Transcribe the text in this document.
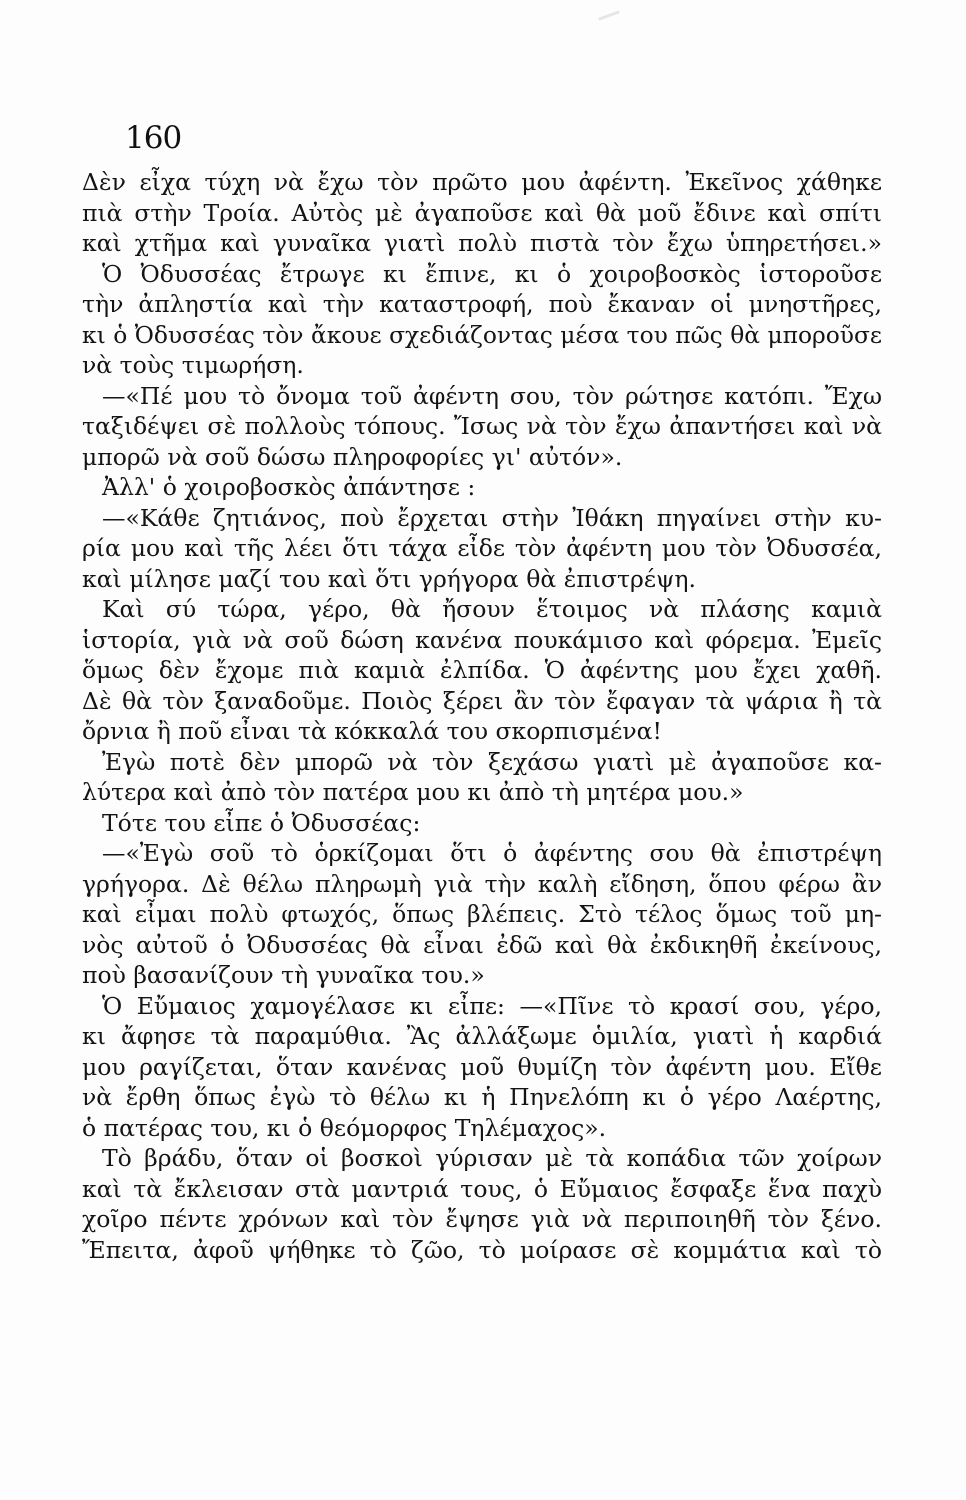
160
Δὲν εἶχα τύχη νὰ ἔχω τὸν πρῶτο μου ἀφέντη. Ἐκεῖνος χάθηκε
πιὰ στὴν Τροία. Αὐτὸς μὲ ἀγαποῦσε καὶ θὰ μοῦ ἔδινε καὶ σπίτι
καὶ χτῆμα καὶ γυναῖκα γιατὶ πολὺ πιστὰ τὸν ἔχω ὑπηρετήσει.»
Ὁ Ὀδυσσέας ἔτρωγε κι ἔπινε, κι ὁ χοιροβοσκὸς ἱστοροῦσε
τὴν ἀπληστία καὶ τὴν καταστροφή, ποὺ ἔκαναν οἱ μνηστῆρες,
κι ὁ Ὀδυσσέας τὸν ἄκουε σχεδιάζοντας μέσα του πῶς θὰ μποροῦσε
νὰ τοὺς τιμωρήση.
—«Πέ μου τὸ ὄνομα τοῦ ἀφέντη σου, τὸν ρώτησε κατόπι. Ἔχω
ταξιδέψει σὲ πολλοὺς τόπους. Ἴσως νὰ τὸν ἔχω ἀπαντήσει καὶ νὰ
μπορῶ νὰ σοῦ δώσω πληροφορίες γι' αὐτόν».
Ἀλλ' ὁ χοιροβοσκὸς ἀπάντησε :
—«Κάθε ζητιάνος, ποὺ ἔρχεται στὴν Ἰθάκη πηγαίνει στὴν κυ-
ρία μου καὶ τῆς λέει ὅτι τάχα εἶδε τὸν ἀφέντη μου τὸν Ὀδυσσέα,
καὶ μίλησε μαζί του καὶ ὅτι γρήγορα θὰ ἐπιστρέψη.
Καὶ σύ τώρα, γέρο, θὰ ἤσουν ἕτοιμος νὰ πλάσης καμιὰ
ἱστορία, γιὰ νὰ σοῦ δώση κανένα πουκάμισο καὶ φόρεμα. Ἐμεῖς
ὅμως δὲν ἔχομε πιὰ καμιὰ ἐλπίδα. Ὁ ἀφέντης μου ἔχει χαθῆ.
Δὲ θὰ τὸν ξαναδοῦμε. Ποιὸς ξέρει ἂν τὸν ἔφαγαν τὰ ψάρια ἢ τὰ
ὄρνια ἢ ποῦ εἶναι τὰ κόκκαλά του σκορπισμένα!
Ἐγὼ ποτὲ δὲν μπορῶ νὰ τὸν ξεχάσω γιατὶ μὲ ἀγαποῦσε κα-
λύτερα καὶ ἀπὸ τὸν πατέρα μου κι ἀπὸ τὴ μητέρα μου.»
Τότε του εἶπε ὁ Ὀδυσσέας:
—«Ἐγὼ σοῦ τὸ ὁρκίζομαι ὅτι ὁ ἀφέντης σου θὰ ἐπιστρέψη
γρήγορα. Δὲ θέλω πληρωμὴ γιὰ τὴν καλὴ εἴδηση, ὅπου φέρω ἂν
καὶ εἶμαι πολὺ φτωχός, ὅπως βλέπεις. Στὸ τέλος ὅμως τοῦ μη-
νὸς αὐτοῦ ὁ Ὀδυσσέας θὰ εἶναι ἐδῶ καὶ θὰ ἐκδικηθῆ ἐκείνους,
ποὺ βασανίζουν τὴ γυναῖκα του.»
Ὁ Εὔμαιος χαμογέλασε κι εἶπε: —«Πῖνε τὸ κρασί σου, γέρο,
κι ἄφησε τὰ παραμύθια. Ἂς ἀλλάξωμε ὁμιλία, γιατὶ ἡ καρδιά
μου ραγίζεται, ὅταν κανένας μοῦ θυμίζη τὸν ἀφέντη μου. Εἴθε
νὰ ἔρθη ὅπως ἐγὼ τὸ θέλω κι ἡ Πηνελόπη κι ὁ γέρο Λαέρτης,
ὁ πατέρας του, κι ὁ θεόμορφος Τηλέμαχος».
Τὸ βράδυ, ὅταν οἱ βοσκοὶ γύρισαν μὲ τὰ κοπάδια τῶν χοίρων
καὶ τὰ ἔκλεισαν στὰ μαντριά τους, ὁ Εὔμαιος ἔσφαξε ἕνα παχὺ
χοῖρο πέντε χρόνων καὶ τὸν ἔψησε γιὰ νὰ περιποιηθῆ τὸν ξένο.
Ἔπειτα, ἀφοῦ ψήθηκε τὸ ζῶο, τὸ μοίρασε σὲ κομμάτια καὶ τὸ
